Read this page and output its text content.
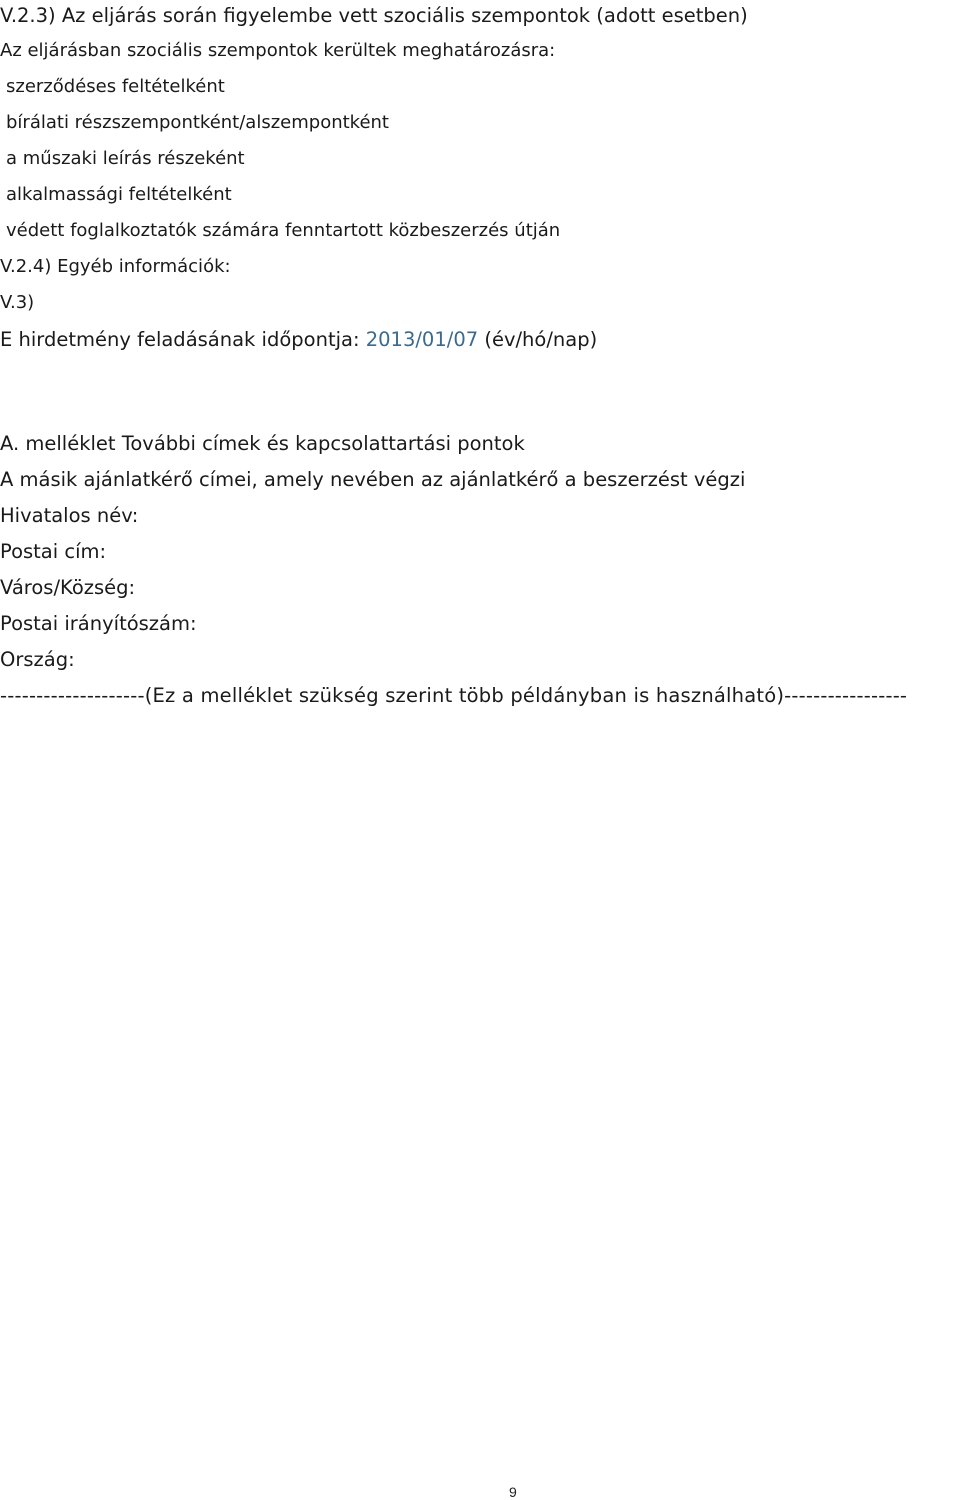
V.2.3) Az eljárás során figyelembe vett szociális szempontok (adott esetben)
Az eljárásban szociális szempontok kerültek meghatározásra:
szerződéses feltételként
bírálati részszempontként/alszempontként
a műszaki leírás részeként
alkalmassági feltételként
védett foglalkoztatók számára fenntartott közbeszerzés útján
V.2.4) Egyéb információk:
V.3)
E hirdetmény feladásának időpontja: 2013/01/07 (év/hó/nap)
A. melléklet További címek és kapcsolattartási pontok
A másik ajánlatkérő címei, amely nevében az ajánlatkérő a beszerzést végzi
Hivatalos név:
Postai cím:
Város/Község:
Postai irányítószám:
Ország:
--------------------(Ez a melléklet szükség szerint több példányban is használható)-----------------
9
